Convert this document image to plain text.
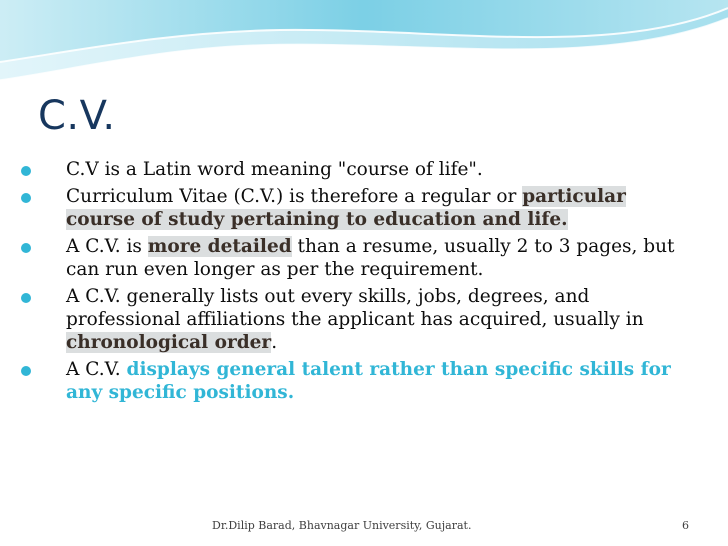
C.V.
C.V is a Latin word meaning "course of life".
Curriculum Vitae (C.V.) is therefore a regular or particular course of study pertaining to education and life.
A C.V. is more detailed than a resume, usually 2 to 3 pages, but can run even longer as per the requirement.
A C.V. generally lists out every skills, jobs, degrees, and professional affiliations the applicant has acquired, usually in chronological order.
A C.V. displays general talent rather than specific skills for any specific positions.
Dr.Dilip Barad, Bhavnagar University, Gujarat.	6
